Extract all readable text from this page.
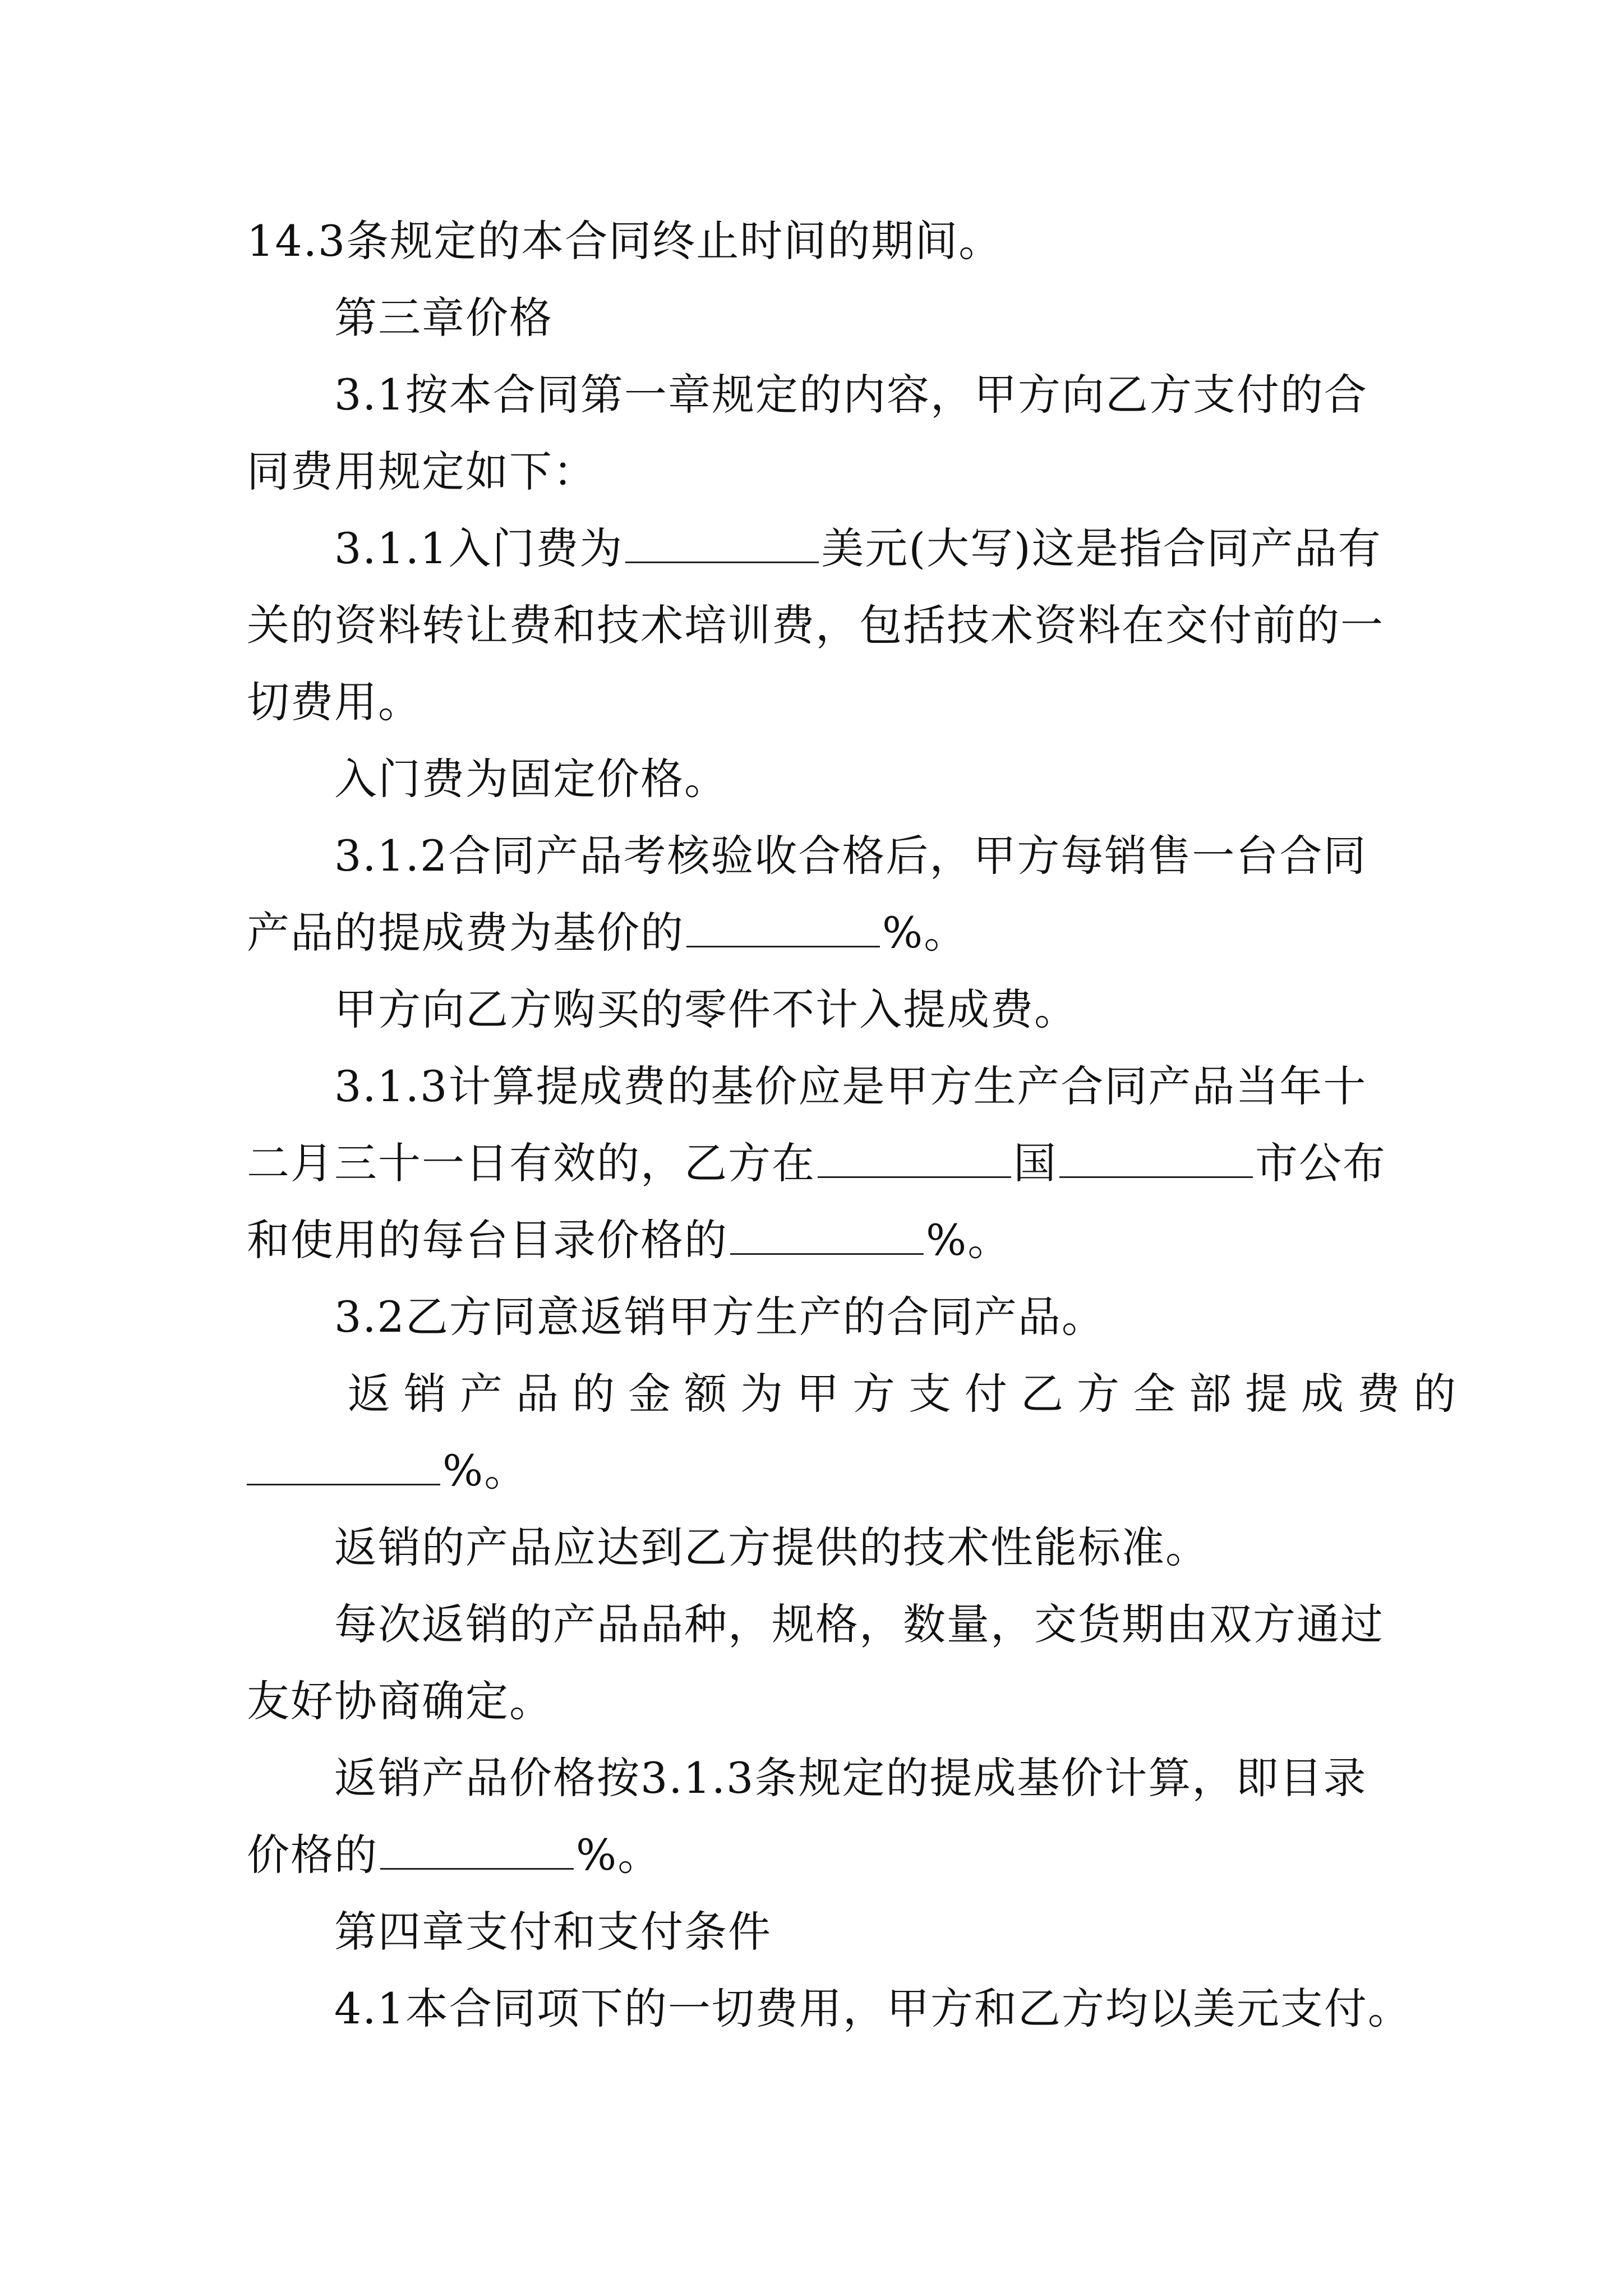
14.3条规定的本合同终止时间的期间。
第三章价格
3.1按本合同第一章规定的内容，甲方向乙方支付的合
同费用规定如下：
3.1.1入门费为	美元(大写)这是指合同产品有
关的资料转让费和技术培训费，包括技术资料在交付前的一
切费用。
入门费为固定价格。
3.1.2合同产品考核验收合格后，甲方每销售一台合同
产品的提成费为基价的	%。
甲方向乙方购买的零件不计入提成费。
3.1.3计算提成费的基价应是甲方生产合同产品当年十
二月三十一日有效的，乙方在	国	市公布
和使用的每台目录价格的	%。
3.2乙方同意返销甲方生产的合同产品。
返销产品的金额为甲方支付乙方全部提成费的
%。
返销的产品应达到乙方提供的技术性能标准。
每次返销的产品品种，规格，数量，交货期由双方通过
友好协商确定。
返销产品价格按3.1.3条规定的提成基价计算，即目录
价格的	%。
第四章支付和支付条件
4.1本合同项下的一切费用，甲方和乙方均以美元支付。
